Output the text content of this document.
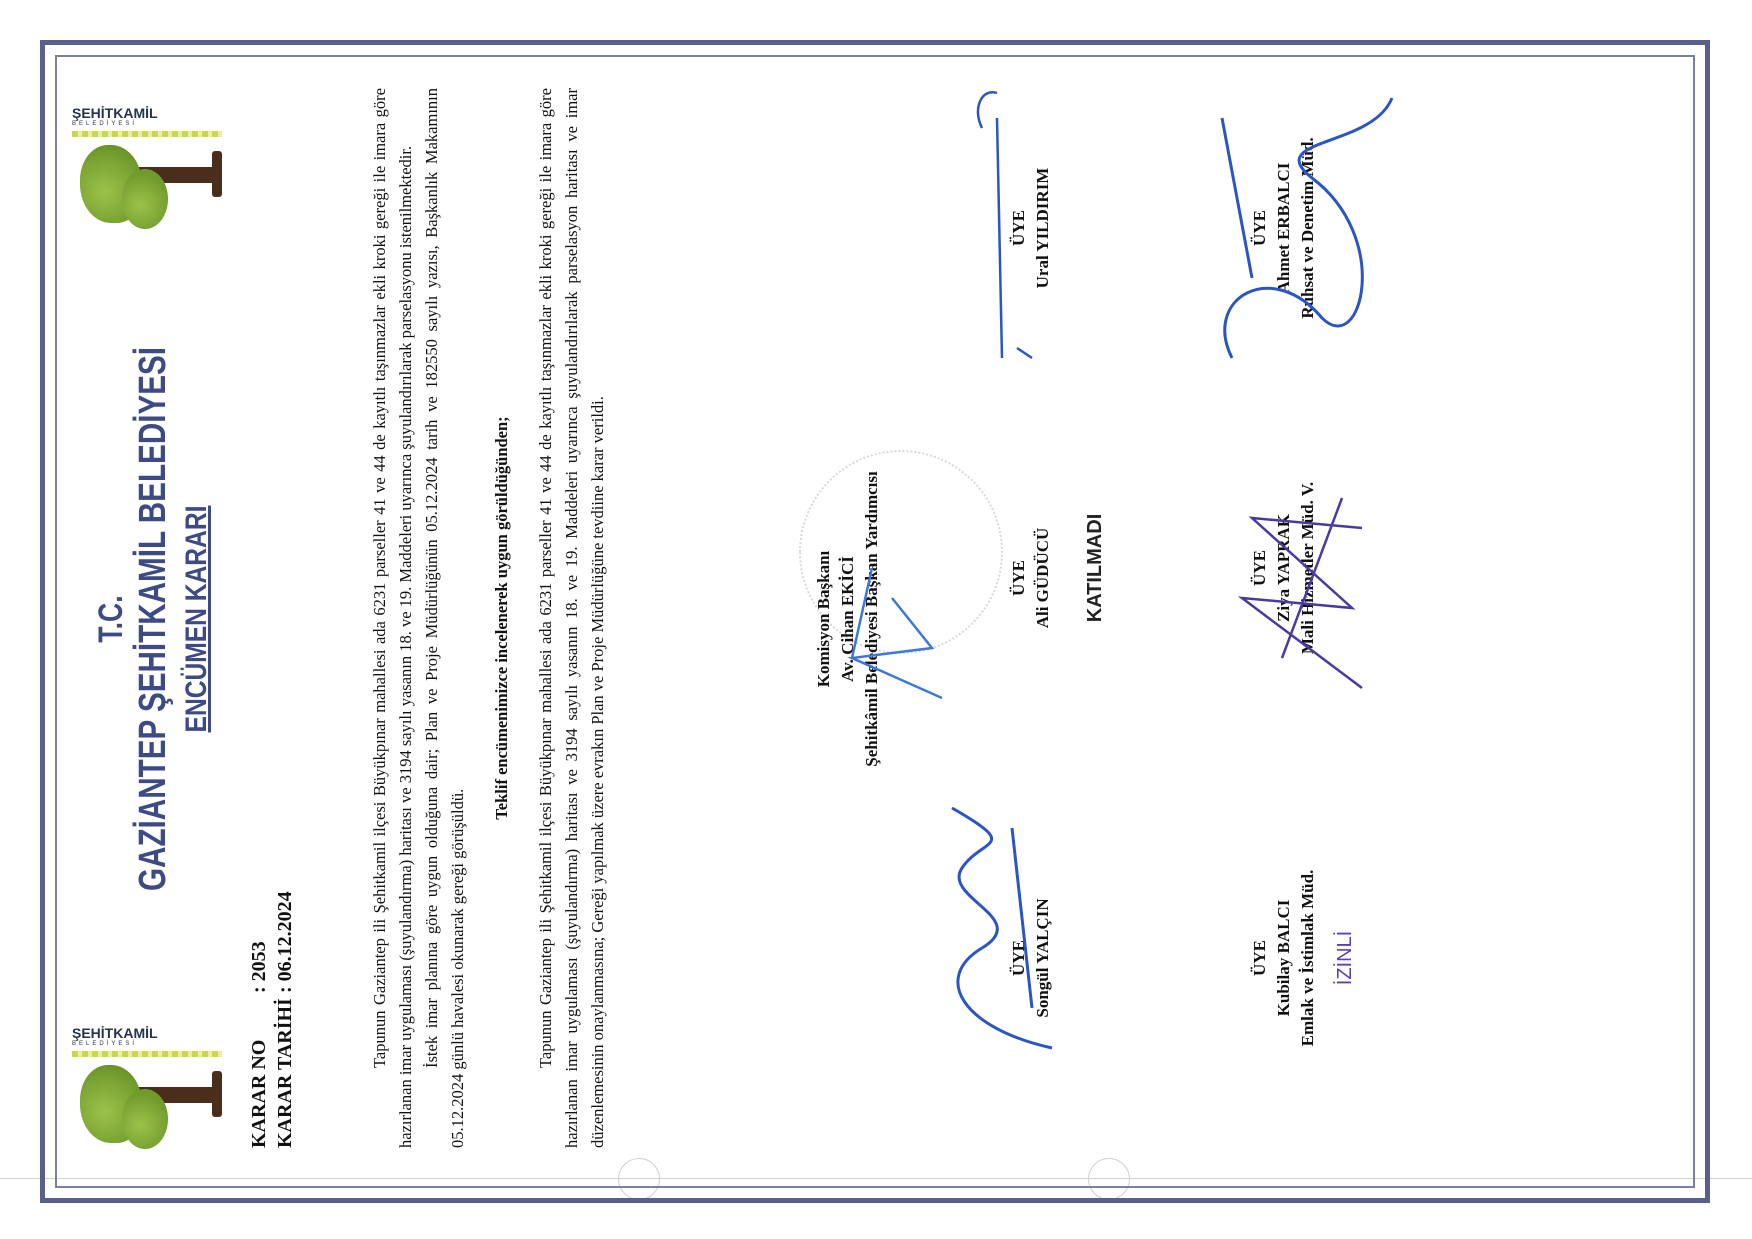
ŞEHİTKAMİL
BELEDİYESİ
ŞEHİTKAMİL
BELEDİYESİ
T.C. GAZİANTEP ŞEHİTKAMİL BELEDİYESİ ENCÜMEN KARARI
KARAR NO: 2053
KARAR TARİHİ: 06.12.2024	Tapunun Gaziantep ili Şehitkamil ilçesi Büyükpınar mahallesi ada 6231 parseller 41 ve 44 de kayıtlı taşınmazlar ekli kroki gereği ile imara göre hazırlanan imar uygulaması (şuyulandırma) haritası ve 3194 sayılı yasanın 18. ve 19. Maddeleri uyarınca şuyulandırılarak parselasyonu istenilmektedir. İstek imar planına göre uygun olduğuna dair; Plan ve Proje Müdürlüğünün 05.12.2024 tarih ve 182550 sayılı yazısı, Başkanlık Makamının 05.12.2024 günlü havalesi okunarak gereği görüşüldü.

Teklif encümenimizce incelenerek uygun görüldüğünden; Tapunun Gaziantep ili Şehitkamil ilçesi Büyükpınar mahallesi ada 6231 parseller 41 ve 44 de kayıtlı taşınmazlar ekli kroki gereği ile imara göre hazırlanan imar uygulaması (şuyulandırma) haritası ve 3194 sayılı yasanın 18. ve 19. Maddeleri uyarınca şuyulandırılarak parselasyon haritası ve imar düzenlemesinin onaylanmasına; Gereği yapılmak üzere evrakın Plan ve Proje Müdürlüğüne tevdiine karar verildi.	Komisyon Başkanı Av. Cihan EKİCİ Şehitkâmil Belediyesi Başkan Yardımcısı
ÜYE Songül YALÇIN
ÜYE Ali GÜDÜCÜ KATILMADI
ÜYE Ural YILDIRIM
ÜYE Kubilay BALCI Emlak ve İstimlak Müd. İZİNLİ
ÜYE Ziya YAPRAK Mali Hizmetler Müd. V.
ÜYE Ahmet ERBALCI Ruhsat ve Denetim Müd.
